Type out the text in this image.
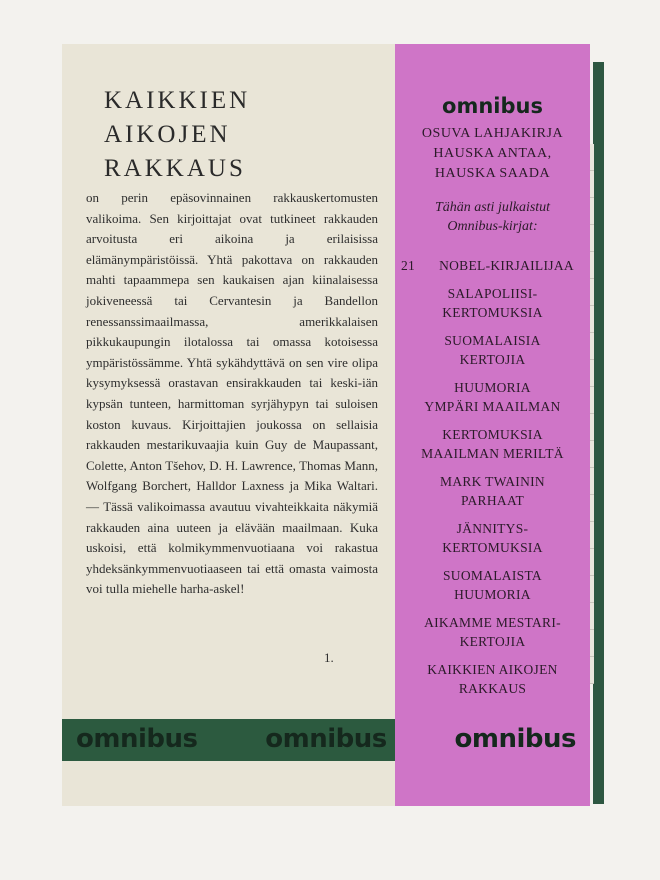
KAIKKIEN
AIKOJEN
RAKKAUS
on perin epäsovinnainen rakkauskertomusten valikoima. Sen kirjoittajat ovat tutkineet rakkauden arvoitusta eri aikoina ja erilaisissa elämänympäristöissä. Yhtä pakottava on rakkauden mahti tapaammepa sen kaukaisen ajan kiinalaisessa jokiveneessä tai Cervantesin ja Bandellon renessanssimaailmassa, amerikkalaisen pikkukaupungin ilotalossa tai omassa kotoisessa ympäristössämme. Yhtä sykähdyttävä on sen vire olipa kysymyksessä orastavan ensirakkauden tai keski-iän kypsän tunteen, harmittoman syrjähypyn tai suloisen koston kuvaus. Kirjoittajien joukossa on sellaisia rakkauden mestarikuvaajia kuin Guy de Maupassant, Colette, Anton Tšehov, D. H. Lawrence, Thomas Mann, Wolfgang Borchert, Halldor Laxness ja Mika Waltari. — Tässä valikoimassa avautuu vivahteikkaita näkymiä rakkauden aina uuteen ja elävään maailmaan. Kuka uskoisi, että kolmikymmenvuotiaana voi rakastua yhdeksänkymmenvuotiaaseen tai että omasta vaimosta voi tulla miehelle harha-askel!
1.
omnibus
OSUVA LAHJAKIRJA
HAUSKA ANTAA,
HAUSKA SAADA
Tähän asti julkaistut
Omnibus-kirjat:
21	NOBEL-KIRJAILIJAA
SALAPOLIISI-
KERTOMUKSIA
SUOMALAISIA
KERTOJIA
HUUMORIA
YMPÄRI MAAILMAN
KERTOMUKSIA
MAAILMAN MERILTÄ
MARK TWAININ
PARHAAT
JÄNNITYS-
KERTOMUKSIA
SUOMALAISTA
HUUMORIA
AIKAMME MESTARI-
KERTOJIA
KAIKKIEN AIKOJEN
RAKKAUS
omnibus	omnibus	omnibus
